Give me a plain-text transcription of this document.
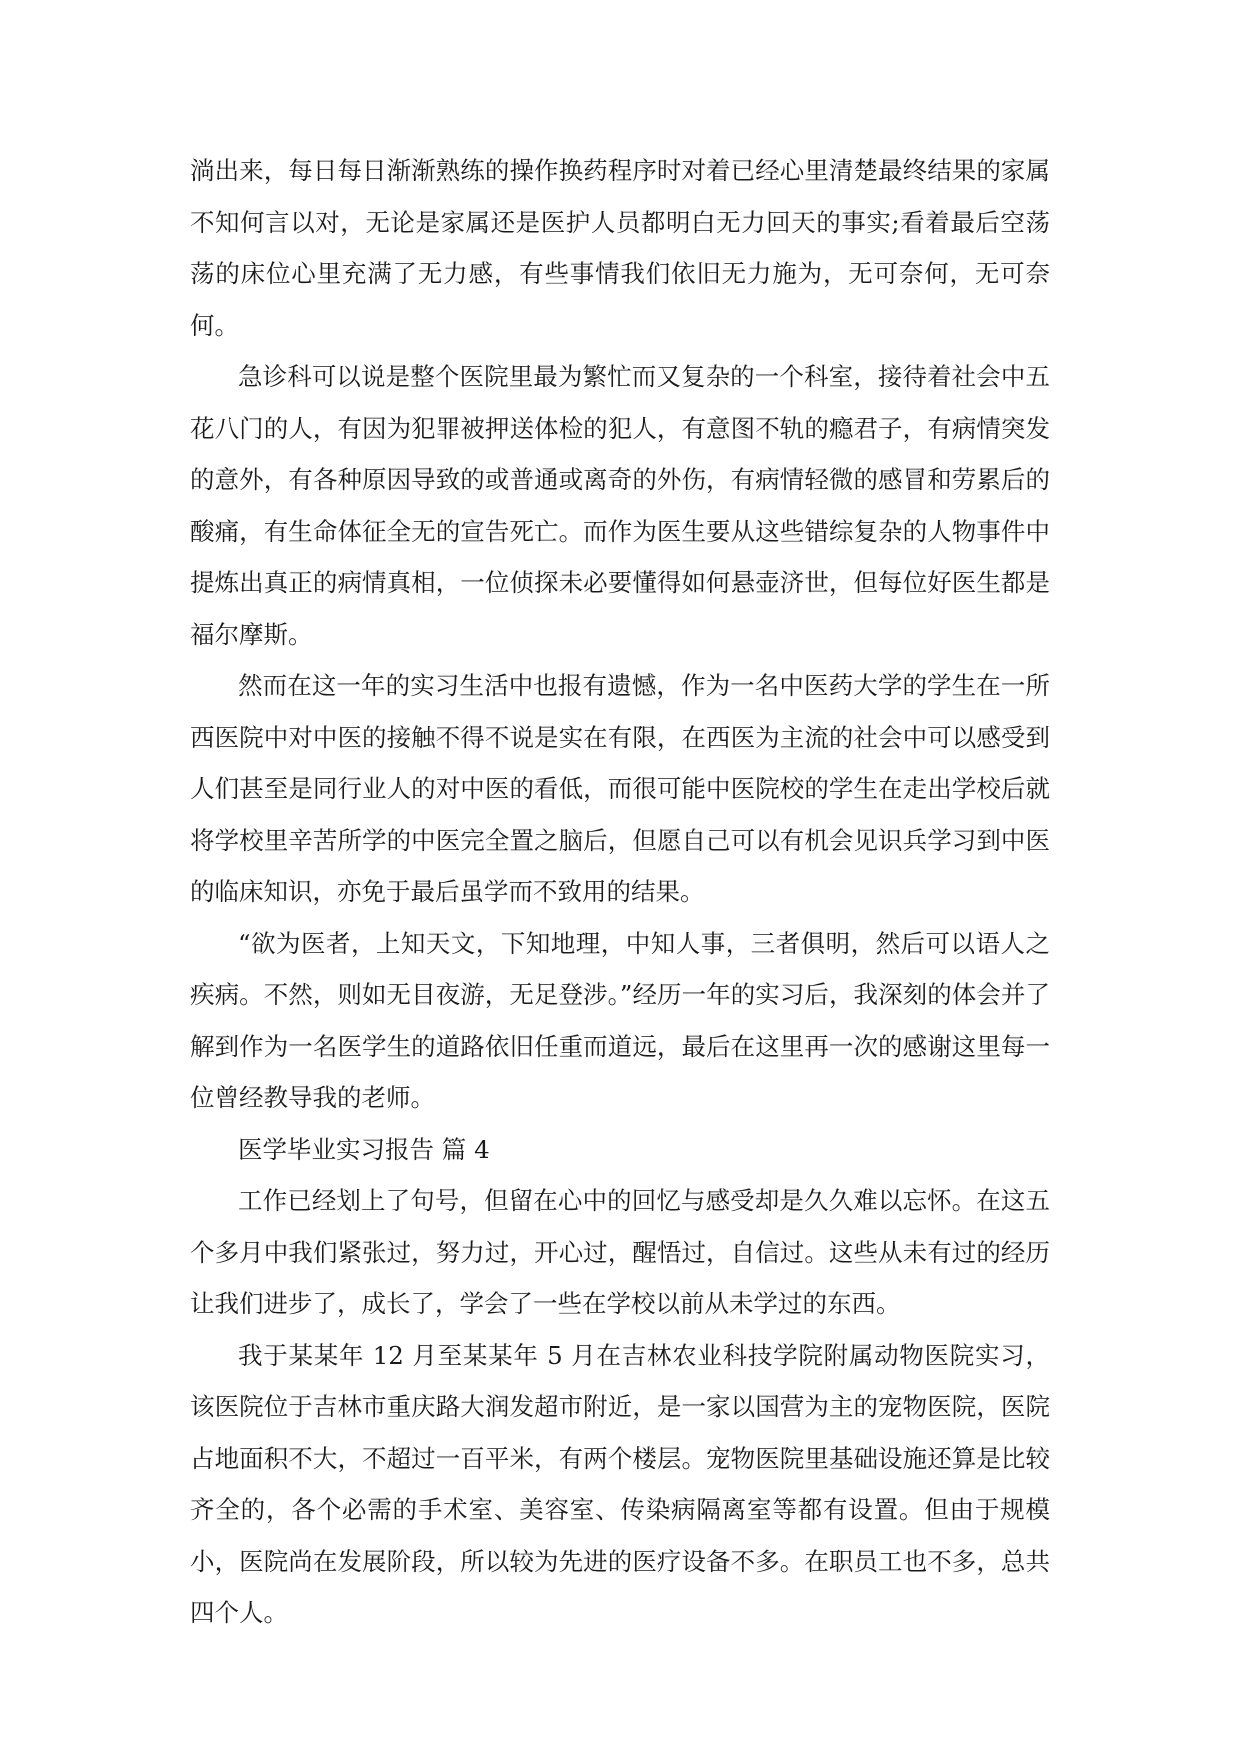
淌出来，每日每日渐渐熟练的操作换药程序时对着已经心里清楚最终结果的家属不知何言以对，无论是家属还是医护人员都明白无力回天的事实;看着最后空荡荡的床位心里充满了无力感，有些事情我们依旧无力施为，无可奈何，无可奈何。

急诊科可以说是整个医院里最为繁忙而又复杂的一个科室，接待着社会中五花八门的人，有因为犯罪被押送体检的犯人，有意图不轨的瘾君子，有病情突发的意外，有各种原因导致的或普通或离奇的外伤，有病情轻微的感冒和劳累后的酸痛，有生命体征全无的宣告死亡。而作为医生要从这些错综复杂的人物事件中提炼出真正的病情真相，一位侦探未必要懂得如何悬壶济世，但每位好医生都是福尔摩斯。

然而在这一年的实习生活中也报有遗憾，作为一名中医药大学的学生在一所西医院中对中医的接触不得不说是实在有限，在西医为主流的社会中可以感受到人们甚至是同行业人的对中医的看低，而很可能中医院校的学生在走出学校后就将学校里辛苦所学的中医完全置之脑后，但愿自己可以有机会见识兵学习到中医的临床知识，亦免于最后虽学而不致用的结果。

“欲为医者，上知天文，下知地理，中知人事，三者俱明，然后可以语人之疾病。不然，则如无目夜游，无足登涉。”经历一年的实习后，我深刻的体会并了解到作为一名医学生的道路依旧任重而道远，最后在这里再一次的感谢这里每一位曾经教导我的老师。

医学毕业实习报告 篇 4

工作已经划上了句号，但留在心中的回忆与感受却是久久难以忘怀。在这五个多月中我们紧张过，努力过，开心过，醒悟过，自信过。这些从未有过的经历让我们进步了，成长了，学会了一些在学校以前从未学过的东西。

我于某某年 12 月至某某年 5 月在吉林农业科技学院附属动物医院实习，该医院位于吉林市重庆路大润发超市附近，是一家以国营为主的宠物医院，医院占地面积不大，不超过一百平米，有两个楼层。宠物医院里基础设施还算是比较齐全的，各个必需的手术室、美容室、传染病隔离室等都有设置。但由于规模小，医院尚在发展阶段，所以较为先进的医疗设备不多。在职员工也不多，总共四个人。
